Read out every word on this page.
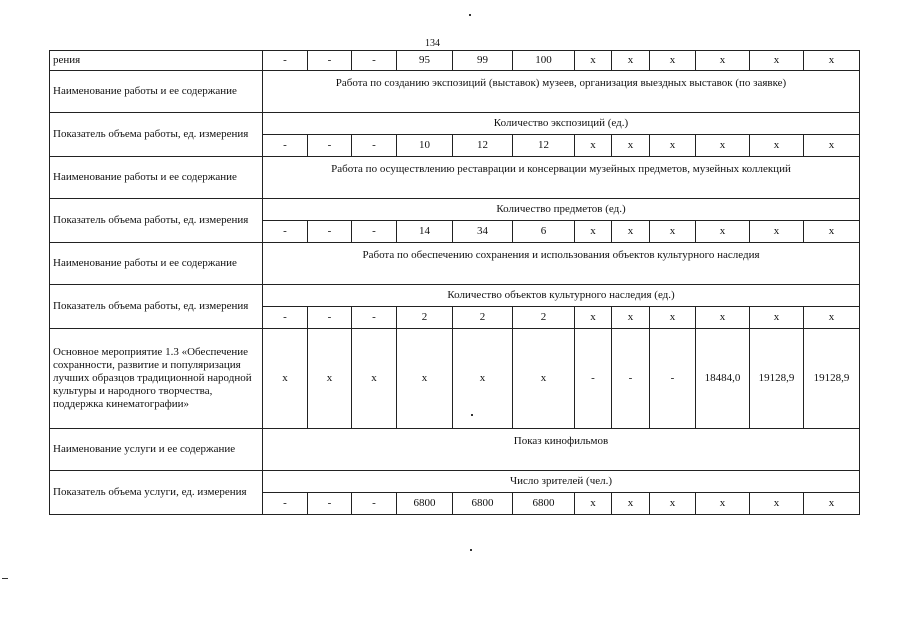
134
рения	-	-	-	95	99	100	x	x	x	x	x	x
Наименование работы и ее содержание	Работа по созданию экспозиций (выставок) музеев, организация выездных выставок (по заявке)											
Показатель объема работы, ед. измерения	Количество экспозиций (ед.)											
	-	-	-	10	12	12	x	x	x	x	x	x
Наименование работы и ее содержание	Работа по осуществлению реставрации и консервации музейных предметов, музейных коллекций											
Показатель объема работы, ед. измерения	Количество предметов (ед.)											
	-	-	-	14	34	6	x	x	x	x	x	x
Наименование работы и ее содержание	Работа по обеспечению сохранения и использования объектов культурного наследия											
Показатель объема работы, ед. измерения	Количество объектов культурного наследия (ед.)											
	-	-	-	2	2	2	x	x	x	x	x	x
Основное мероприятие 1.3 «Обеспечение сохранности, развитие и популяризация лучших образцов традиционной народной культуры и народного творчества, поддержка кинематографии»	x	x	x	x	x	x	-	-	-	18484,0	19128,9	19128,9
Наименование услуги и ее содержание	Показ кинофильмов											
Показатель объема услуги, ед. измерения	Число зрителей (чел.)											
	-	-	-	6800	6800	6800	x	x	x	x	x	x
